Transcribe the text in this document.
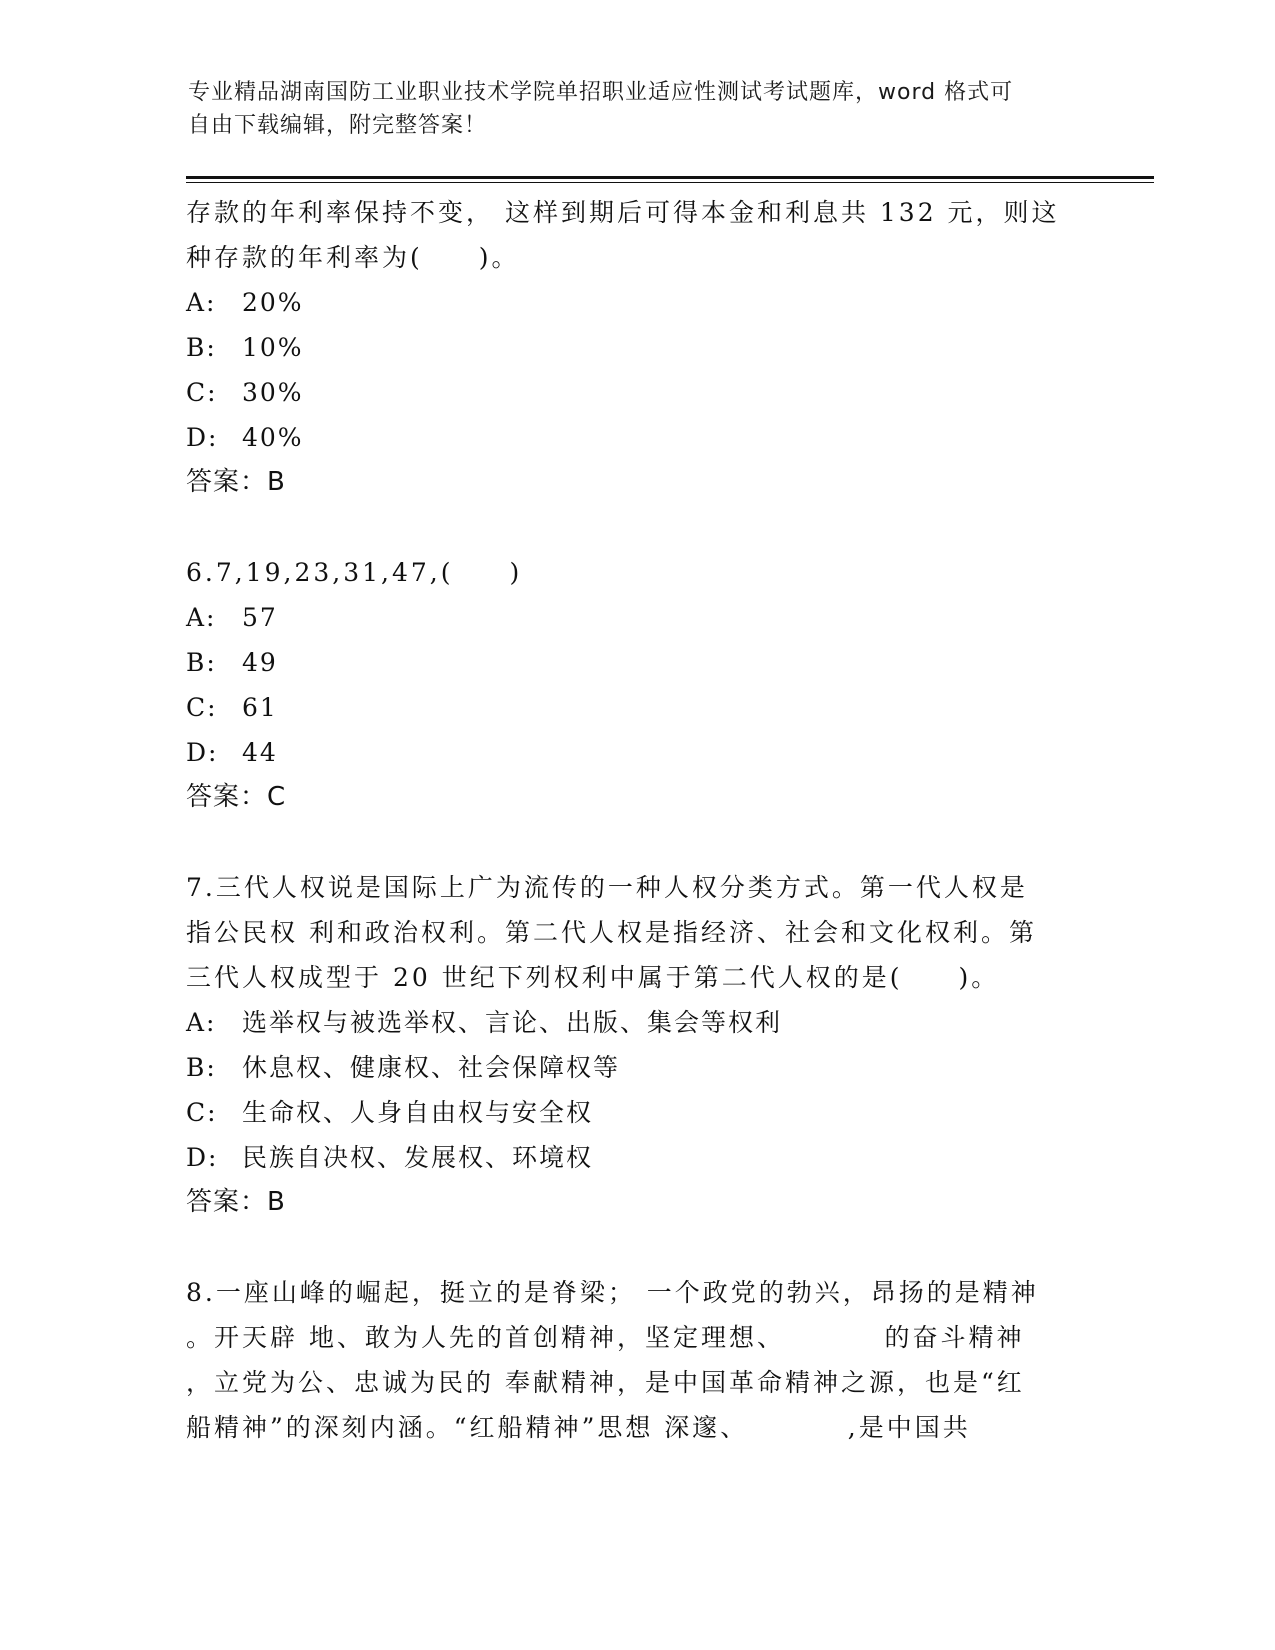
专业精品湖南国防工业职业技术学院单招职业适应性测试考试题库，word 格式可
自由下载编辑，附完整答案！
存款的年利率保持不变， 这样到期后可得本金和利息共 132 元，则这
种存款的年利率为(　　)。
A:	20%
B:	10%
C: 30%
D: 40%
答案：B
6.7,19,23,31,47,(　　)
A:	57
B:	49
C: 61
D: 44
答案：C
7.三代人权说是国际上广为流传的一种人权分类方式。第一代人权是
指公民权 利和政治权利。第二代人权是指经济、社会和文化权利。第
三代人权成型于 20 世纪下列权利中属于第二代人权的是(　　)。
A:	选举权与被选举权、言论、出版、集会等权利
B:	休息权、健康权、社会保障权等
C: 生命权、人身自由权与安全权
D: 民族自决权、发展权、环境权
答案：B
8.一座山峰的崛起，挺立的是脊梁； 一个政党的勃兴，昂扬的是精神
。开天辟 地、敢为人先的首创精神，坚定理想、　　　　的奋斗精神
，立党为公、忠诚为民的 奉献精神，是中国革命精神之源，也是“红
船精神”的深刻内涵。“红船精神”思想 深邃、　　　　,是中国共
